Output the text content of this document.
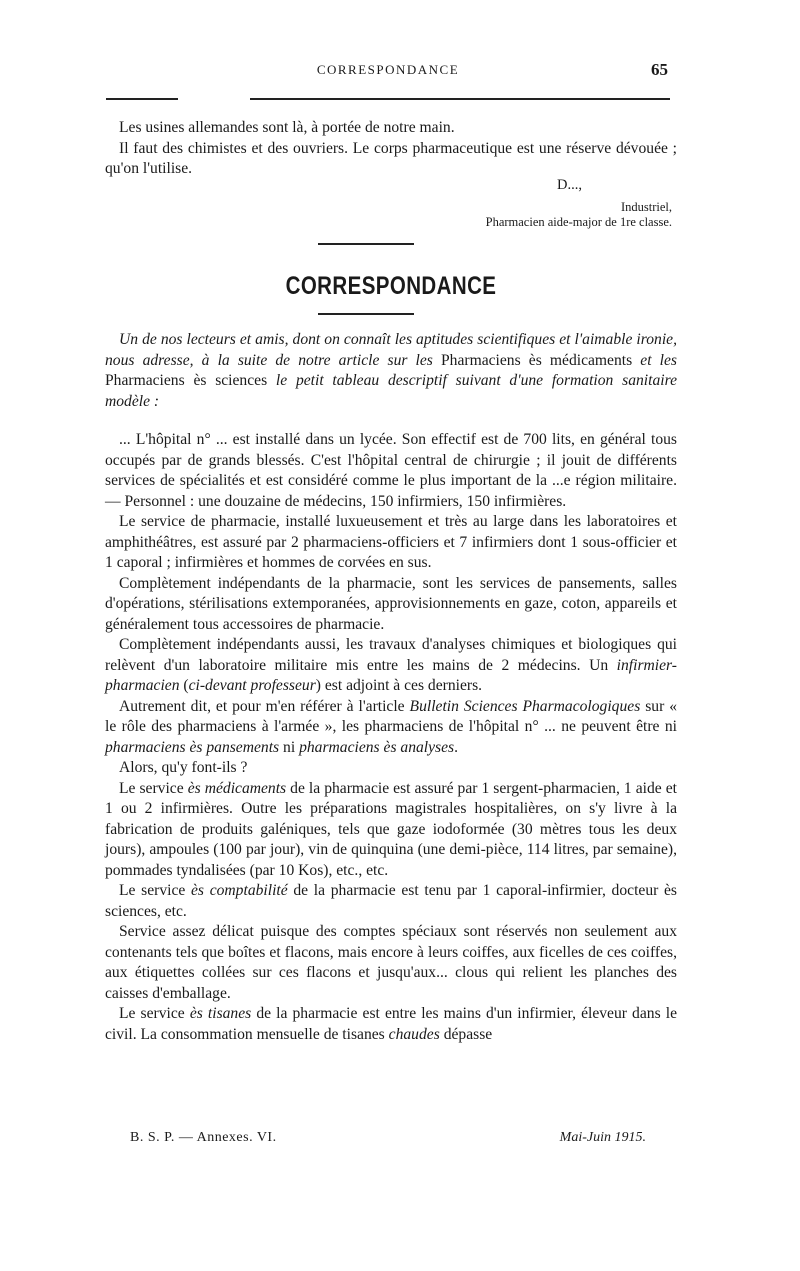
CORRESPONDANCE	65

Les usines allemandes sont là, à portée de notre main.

Il faut des chimistes et des ouvriers. Le corps pharmaceutique est une réserve dévouée ; qu'on l'utilise.

D...,
Industriel,
Pharmacien aide-major de 1re classe.
CORRESPONDANCE

Un de nos lecteurs et amis, dont on connaît les aptitudes scientifiques et l'aimable ironie, nous adresse, à la suite de notre article sur les Pharmaciens ès médicaments et les Pharmaciens ès sciences le petit tableau descriptif suivant d'une formation sanitaire modèle :

... L'hôpital n° ... est installé dans un lycée. Son effectif est de 700 lits, en général tous occupés par de grands blessés. C'est l'hôpital central de chirurgie ; il jouit de différents services de spécialités et est considéré comme le plus important de la ...e région militaire. — Personnel : une douzaine de médecins, 150 infirmiers, 150 infirmières.

Le service de pharmacie, installé luxueusement et très au large dans les laboratoires et amphithéâtres, est assuré par 2 pharmaciens-officiers et 7 infirmiers dont 1 sous-officier et 1 caporal ; infirmières et hommes de corvées en sus.

Complètement indépendants de la pharmacie, sont les services de pansements, salles d'opérations, stérilisations extemporanées, approvisionnements en gaze, coton, appareils et généralement tous accessoires de pharmacie.

Complètement indépendants aussi, les travaux d'analyses chimiques et biologiques qui relèvent d'un laboratoire militaire mis entre les mains de 2 médecins. Un infirmier-pharmacien (ci-devant professeur) est adjoint à ces derniers.

Autrement dit, et pour m'en référer à l'article Bulletin Sciences Pharmacologiques sur « le rôle des pharmaciens à l'armée », les pharmaciens de l'hôpital n° ... ne peuvent être ni pharmaciens ès pansements ni pharmaciens ès analyses.

Alors, qu'y font-ils ?

Le service ès médicaments de la pharmacie est assuré par 1 sergent-pharmacien, 1 aide et 1 ou 2 infirmières. Outre les préparations magistrales hospitalières, on s'y livre à la fabrication de produits galéniques, tels que gaze iodoformée (30 mètres tous les deux jours), ampoules (100 par jour), vin de quinquina (une demi-pièce, 114 litres, par semaine), pommades tyndalisées (par 10 Kos), etc., etc.

Le service ès comptabilité de la pharmacie est tenu par 1 caporal-infirmier, docteur ès sciences, etc.

Service assez délicat puisque des comptes spéciaux sont réservés non seulement aux contenants tels que boîtes et flacons, mais encore à leurs coiffes, aux ficelles de ces coiffes, aux étiquettes collées sur ces flacons et jusqu'aux... clous qui relient les planches des caisses d'emballage.

Le service ès tisanes de la pharmacie est entre les mains d'un infirmier, éleveur dans le civil. La consommation mensuelle de tisanes chaudes dépasse

B. S. P. — Annexes. VI.	Mai-Juin 1915.
